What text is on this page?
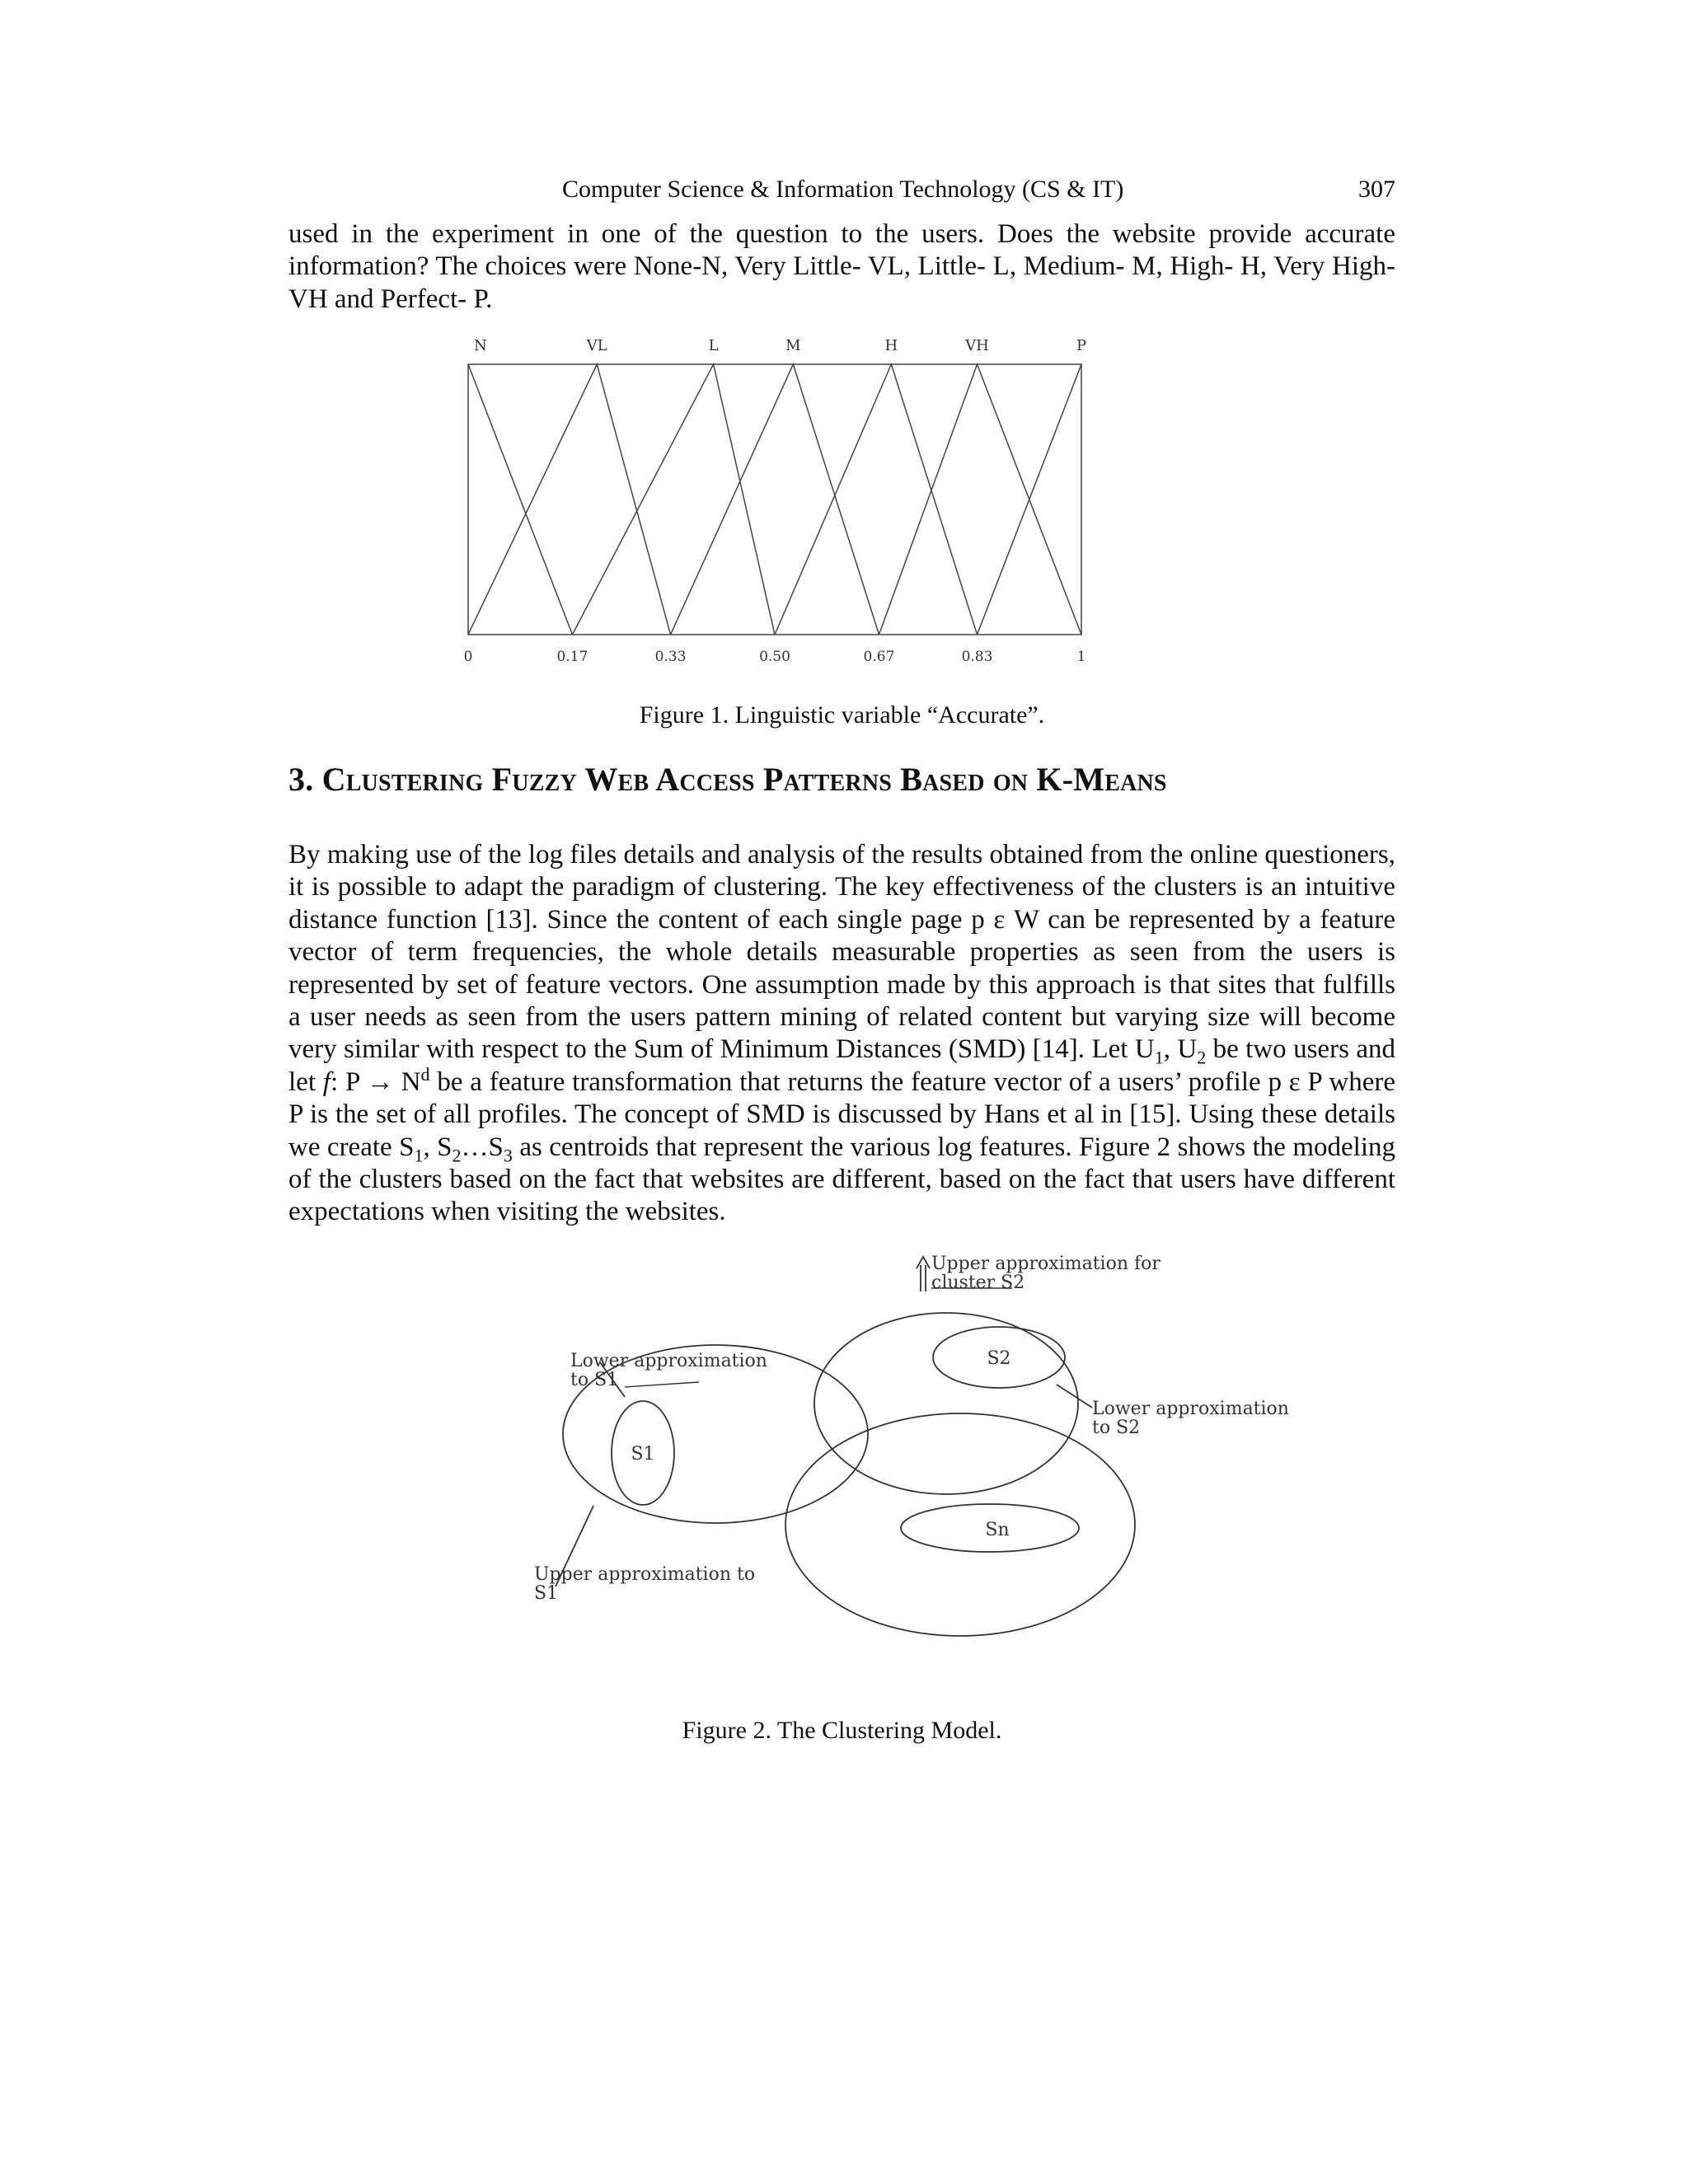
Computer Science & Information Technology (CS & IT)	307

used in the experiment in one of the question to the users. Does the website provide accurate information? The choices were None-N, Very Little- VL, Little- L, Medium- M, High- H, Very High- VH and Perfect- P.

N	VL	L	M	H	VH	P
0	0.17	0.33	0.50	0.67	0.83	1
Figure 1. Linguistic variable “Accurate”.
3. Clustering Fuzzy Web Access Patterns Based on K-Means

By making use of the log files details and analysis of the results obtained from the online questioners, it is possible to adapt the paradigm of clustering. The key effectiveness of the clusters is an intuitive distance function [13]. Since the content of each single page p ε W can be represented by a feature vector of term frequencies, the whole details measurable properties as seen from the users is represented by set of feature vectors. One assumption made by this approach is that sites that fulfills a user needs as seen from the users pattern mining of related content but varying size will become very similar with respect to the Sum of Minimum Distances (SMD) [14]. Let $U_1$, $U_2$ be two users and let f: $P \to N^d$ be a feature transformation that returns the feature vector of a users’ profile p ε P where P is the set of all profiles. The concept of SMD is discussed by Hans et al in [15]. Using these details we create $S_1$, $S_2\dots S_3$ as centroids that represent the various log features. Figure 2 shows the modeling of the clusters based on the fact that websites are different, based on the fact that users have different expectations when visiting the websites.

S1
S2
Sn
Upper approximation for
cluster S2
Lower approximation
to S1
Lower approximation
to S2
Upper approximation to
S1
Figure 2. The Clustering Model.
